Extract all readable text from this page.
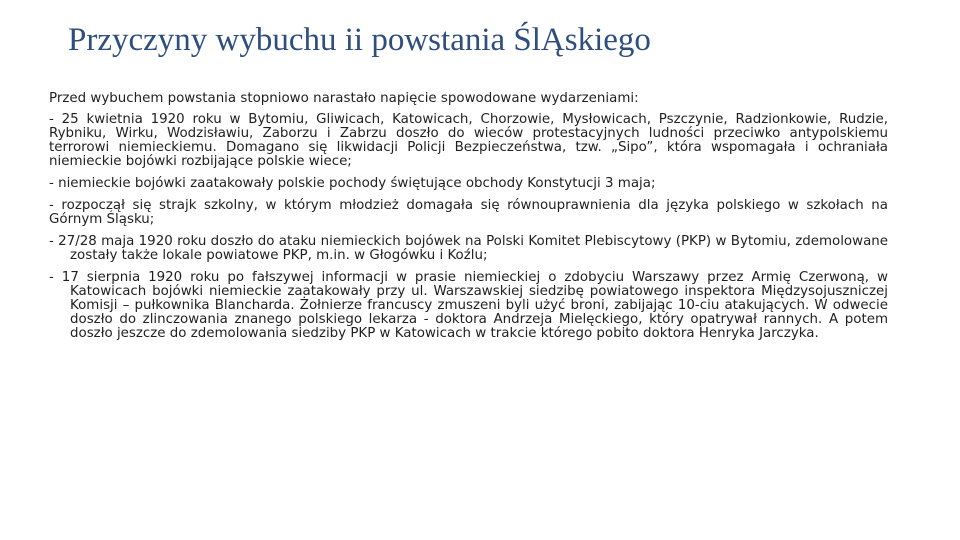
Przyczyny wybuchu ii powstania ŚlĄskiego

Przed wybuchem powstania stopniowo narastało napięcie spowodowane wydarzeniami:

- 25 kwietnia 1920 roku w Bytomiu, Gliwicach, Katowicach, Chorzowie, Mysłowicach, Pszczynie, Radzionkowie, Rudzie, Rybniku, Wirku, Wodzisławiu, Zaborzu i Zabrzu doszło do wieców protestacyjnych ludności przeciwko antypolskiemu terrorowi niemieckiemu. Domagano się likwidacji Policji Bezpieczeństwa, tzw. „Sipo”, która wspomagała i ochraniała niemieckie bojówki rozbijające polskie wiece;

- niemieckie bojówki zaatakowały polskie pochody świętujące obchody Konstytucji 3 maja;

- rozpoczął się strajk szkolny, w którym młodzież domagała się równouprawnienia dla języka polskiego w szkołach na Górnym Śląsku;

- 27/28 maja 1920 roku doszło do ataku niemieckich bojówek na Polski Komitet Plebiscytowy (PKP) w Bytomiu, zdemolowane zostały także lokale powiatowe PKP, m.in. w Głogówku i Koźlu;

- 17 sierpnia 1920 roku po fałszywej informacji w prasie niemieckiej o zdobyciu Warszawy przez Armię Czerwoną, w Katowicach bojówki niemieckie zaatakowały przy ul. Warszawskiej siedzibę powiatowego inspektora Międzysojuszniczej Komisji – pułkownika Blancharda. Żołnierze francuscy zmuszeni byli użyć broni, zabijając 10-ciu atakujących. W odwecie doszło do zlinczowania znanego polskiego lekarza - doktora Andrzeja Mielęckiego, który opatrywał rannych. A potem doszło jeszcze do zdemolowania siedziby PKP w Katowicach w trakcie którego pobito doktora Henryka Jarczyka.
